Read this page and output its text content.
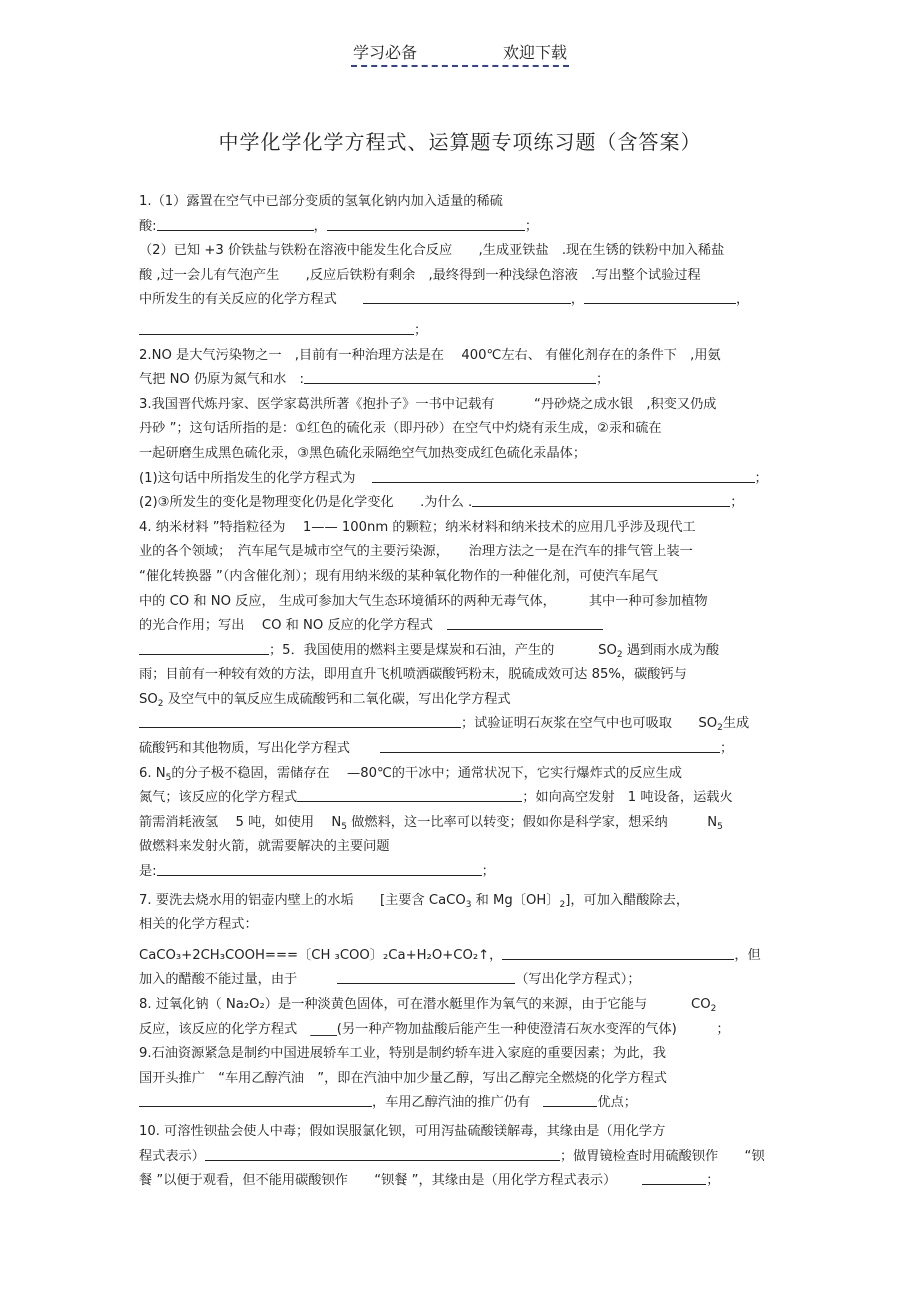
学习必备	欢迎下载
中学化学化学方程式、运算题专项练习题（含答案）
1.（1）露置在空气中已部分变质的氢氧化钠内加入适量的稀硫
酸:	，	；
（2）已知 +3 价铁盐与铁粉在溶液中能发生化合反应　　,生成亚铁盐　.现在生锈的铁粉中加入稀盐
酸 ,过一会儿有气泡产生　　,反应后铁粉有剩余　,最终得到一种浅绿色溶液　.写出整个试验过程
中所发生的有关反应的化学方程式	，	，
；
2.NO 是大气污染物之一　,目前有一种治理方法是在　 400℃左右、 有催化剂存在的条件下　,用氨
气把 NO 仍原为氮气和水　:	；
3.我国晋代炼丹家、医学家葛洪所著《抱扑子》一书中记载有　　　“丹砂烧之成水银　,积变又仍成
丹砂 ”；这句话所指的是：①红色的硫化汞（即丹砂）在空气中灼烧有汞生成，②汞和硫在
一起研磨生成黑色硫化汞，③黑色硫化汞隔绝空气加热变成红色硫化汞晶体；
(1)这句话中所指发生的化学方程式为	；
(2)③所发生的变化是物理变化仍是化学变化　　.为什么 .	；
4. 纳米材料 ”特指粒径为　 1—— 100nm 的颗粒；纳米材料和纳米技术的应用几乎涉及现代工
业的各个领域；　汽车尾气是城市空气的主要污染源，　　治理方法之一是在汽车的排气管上装一
“催化转换器 ”（内含催化剂）；现有用纳米级的某种氧化物作的一种催化剂，可使汽车尾气
中的 CO 和 NO 反应， 生成可参加大气生态环境循环的两种无毒气体，　　　其中一种可参加植物
的光合作用；写出　 CO 和 NO 反应的化学方程式
；5．我国使用的燃料主要是煤炭和石油，产生的　　　 $SO_2$ 遇到雨水成为酸
雨；目前有一种较有效的方法，即用直升飞机喷洒碳酸钙粉末，脱硫成效可达 85%，碳酸钙与
$SO_2$ 及空气中的氧反应生成硫酸钙和二氧化碳，写出化学方程式
；试验证明石灰浆在空气中也可吸取　　$SO_2$生成
硫酸钙和其他物质，写出化学方程式	；
6. $N_5$的分子极不稳固，需储存在　 —80℃的干冰中；通常状况下，它实行爆炸式的反应生成
氮气；该反应的化学方程式	；如向高空发射　1 吨设备，运载火
箭需消耗液氢　 5 吨，如使用　 $N_5$ 做燃料，这一比率可以转变；假如你是科学家，想采纳　　　$N_5$
做燃料来发射火箭，就需要解决的主要问题
是:	；
7. 要洗去烧水用的铝壶内壁上的水垢　　[主要含 CaCO$_3$ 和 Mg〔OH〕$_2$]，可加入醋酸除去，
相关的化学方程式：
CaCO₃+2CH₃COOH===〔CH ₃COO〕₂Ca+H₂O+CO₂↑，	，但
加入的醋酸不能过量，由于	（写出化学方程式）；
8. 过氧化钠（ Na₂O₂）是一种淡黄色固体，可在潜水艇里作为氧气的来源，由于它能与　　　 $CO_2$
反应，该反应的化学方程式　____(另一种产物加盐酸后能产生一种使澄清石灰水变浑的气体)　　　；
9.石油资源紧急是制约中国进展轿车工业，特别是制约轿车进入家庭的重要因素；为此，我
国开头推广　“车用乙醇汽油　”，即在汽油中加少量乙醇，写出乙醇完全燃烧的化学方程式
，车用乙醇汽油的推广仍有　	优点；
10. 可溶性钡盐会使人中毒；假如误服氯化钡，可用泻盐硫酸镁解毒，其缘由是（用化学方
程式表示）	；做胃镜检查时用硫酸钡作　　“钡
餐 ”以便于观看，但不能用碳酸钡作　　“钡餐 ”，其缘由是（用化学方程式表示）	；
